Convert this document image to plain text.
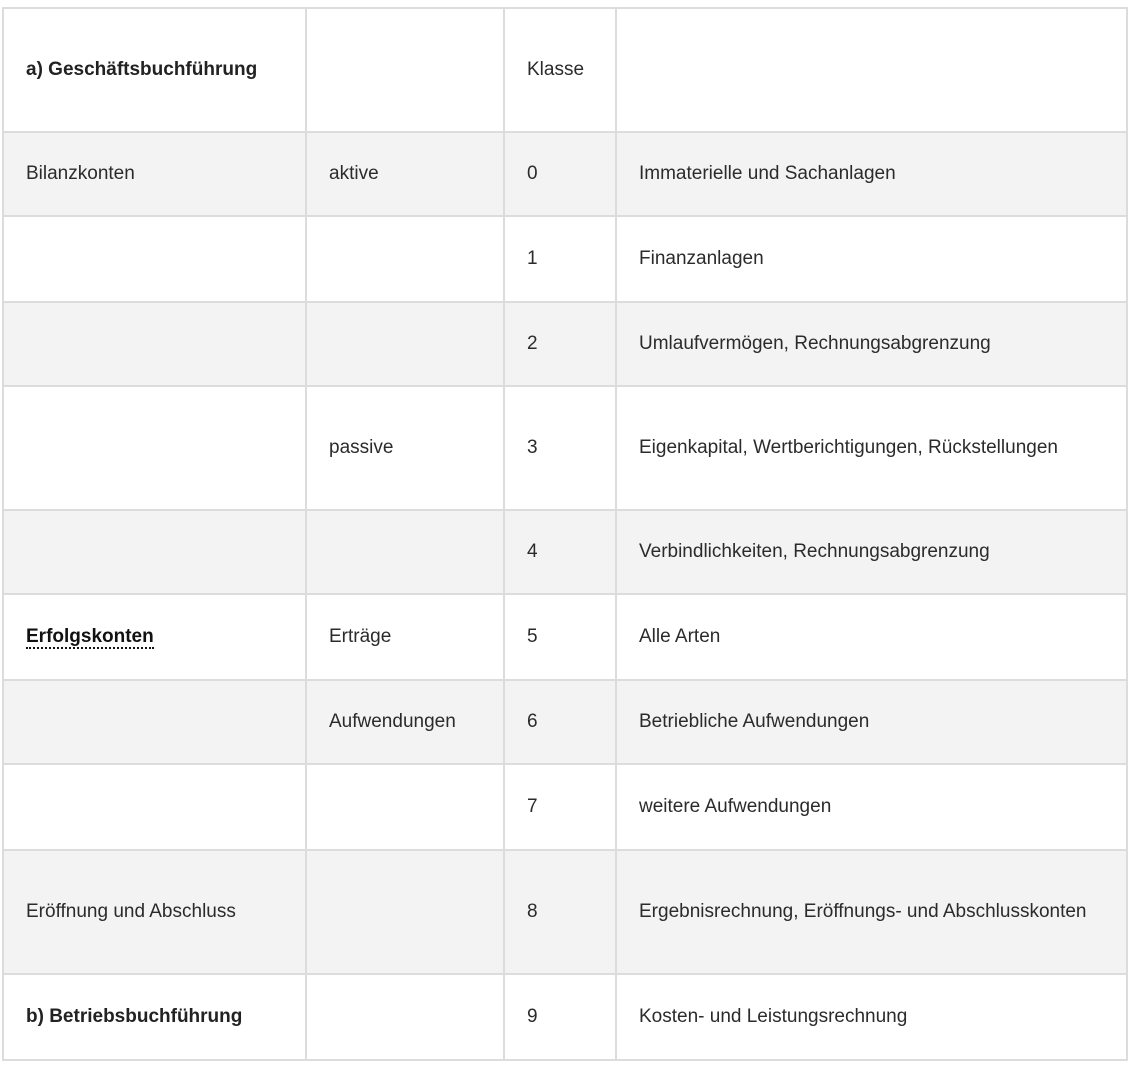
a) Geschäftsbuchführung		Klasse	
Bilanzkonten	aktive	0	Immaterielle und Sachanlagen
		1	Finanzanlagen
		2	Umlaufvermögen, Rechnungsabgrenzung
	passive	3	Eigenkapital, Wertberichtigungen, Rückstellungen
		4	Verbindlichkeiten, Rechnungsabgrenzung
Erfolgskonten	Erträge	5	Alle Arten
	Aufwendungen	6	Betriebliche Aufwendungen
		7	weitere Aufwendungen
Eröffnung und Abschluss		8	Ergebnisrechnung, Eröffnungs- und Abschlusskonten
b) Betriebsbuchführung		9	Kosten- und Leistungsrechnung
